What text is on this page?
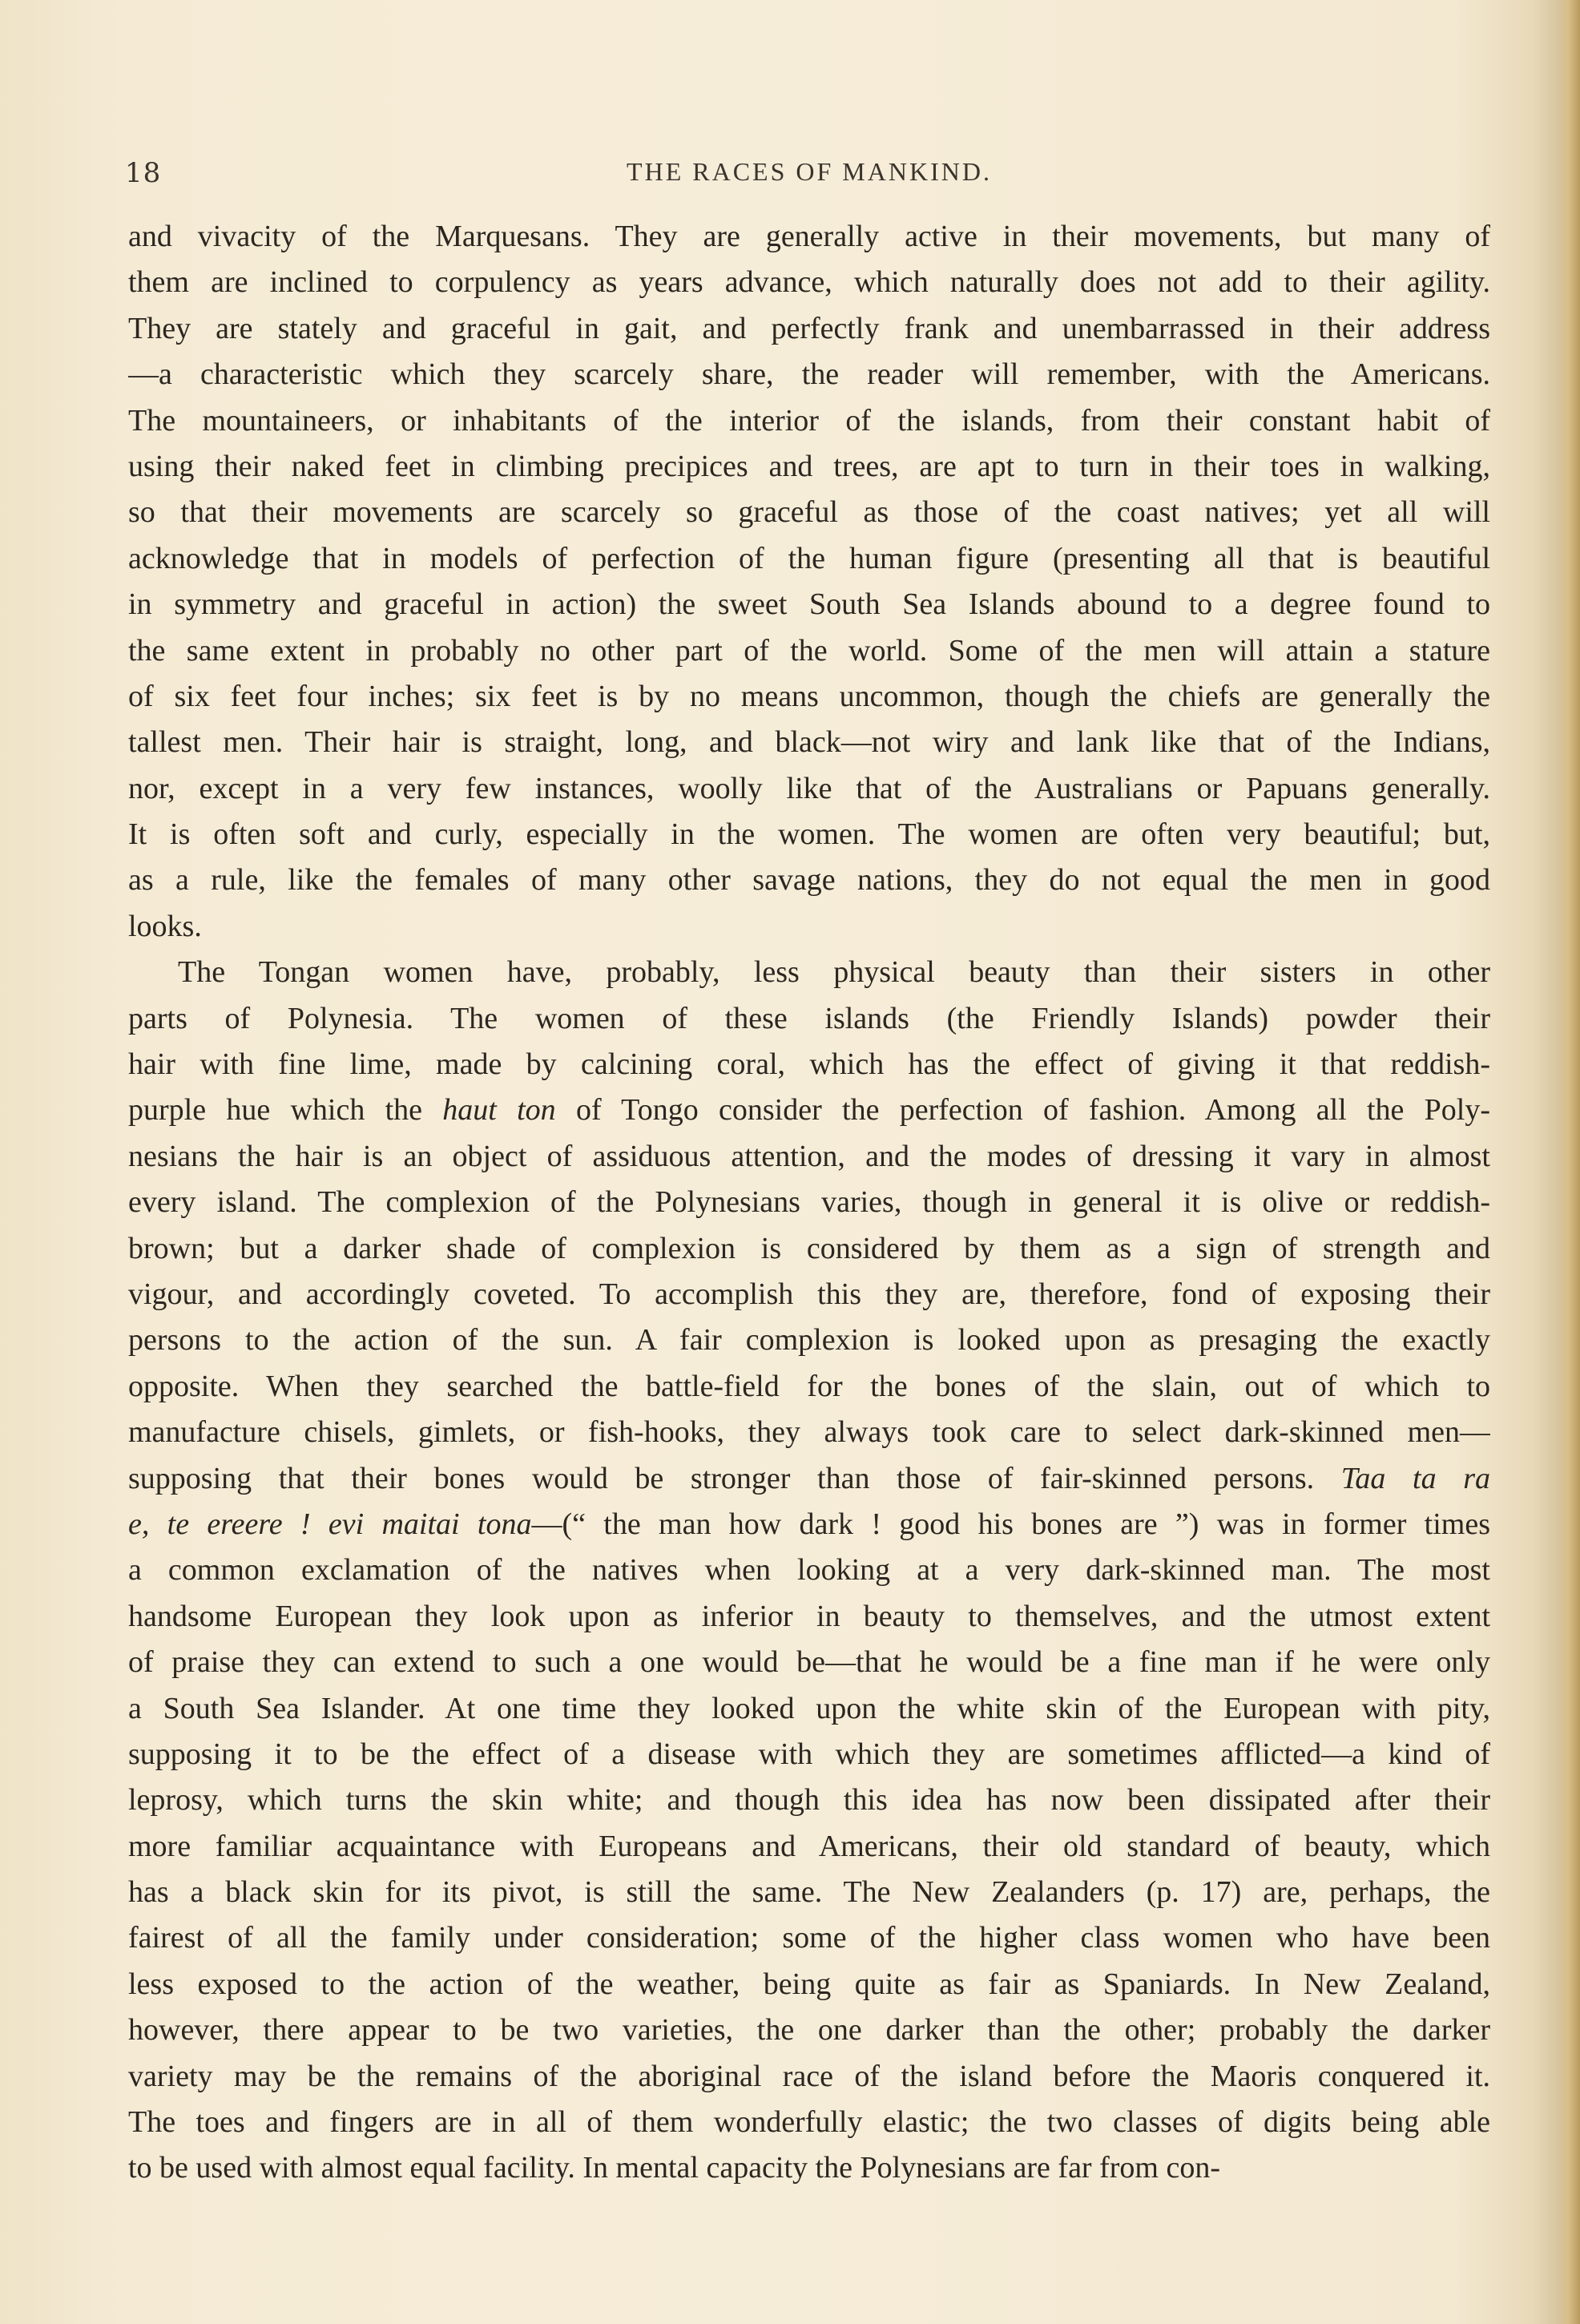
18	THE RACES OF MANKIND.
and vivacity of the Marquesans. They are generally active in their movements, but many of
them are inclined to corpulency as years advance, which naturally does not add to their agility.
They are stately and graceful in gait, and perfectly frank and unembarrassed in their address
—a characteristic which they scarcely share, the reader will remember, with the Americans.
The mountaineers, or inhabitants of the interior of the islands, from their constant habit of
using their naked feet in climbing precipices and trees, are apt to turn in their toes in walking,
so that their movements are scarcely so graceful as those of the coast natives; yet all will
acknowledge that in models of perfection of the human figure (presenting all that is beautiful
in symmetry and graceful in action) the sweet South Sea Islands abound to a degree found to
the same extent in probably no other part of the world. Some of the men will attain a stature
of six feet four inches; six feet is by no means uncommon, though the chiefs are generally the
tallest men. Their hair is straight, long, and black—not wiry and lank like that of the Indians,
nor, except in a very few instances, woolly like that of the Australians or Papuans generally.
It is often soft and curly, especially in the women. The women are often very beautiful; but,
as a rule, like the females of many other savage nations, they do not equal the men in good
looks.
The Tongan women have, probably, less physical beauty than their sisters in other
parts of Polynesia. The women of these islands (the Friendly Islands) powder their
hair with fine lime, made by calcining coral, which has the effect of giving it that reddish-
purple hue which the haut ton of Tongo consider the perfection of fashion. Among all the Poly-
nesians the hair is an object of assiduous attention, and the modes of dressing it vary in almost
every island. The complexion of the Polynesians varies, though in general it is olive or reddish-
brown; but a darker shade of complexion is considered by them as a sign of strength and
vigour, and accordingly coveted. To accomplish this they are, therefore, fond of exposing their
persons to the action of the sun. A fair complexion is looked upon as presaging the exactly
opposite. When they searched the battle-field for the bones of the slain, out of which to
manufacture chisels, gimlets, or fish-hooks, they always took care to select dark-skinned men—
supposing that their bones would be stronger than those of fair-skinned persons. Taa ta ra
e, te ereere ! evi maitai tona—(“ the man how dark ! good his bones are ”) was in former times
a common exclamation of the natives when looking at a very dark-skinned man. The most
handsome European they look upon as inferior in beauty to themselves, and the utmost extent
of praise they can extend to such a one would be—that he would be a fine man if he were only
a South Sea Islander. At one time they looked upon the white skin of the European with pity,
supposing it to be the effect of a disease with which they are sometimes afflicted—a kind of
leprosy, which turns the skin white; and though this idea has now been dissipated after their
more familiar acquaintance with Europeans and Americans, their old standard of beauty, which
has a black skin for its pivot, is still the same. The New Zealanders (p. 17) are, perhaps, the
fairest of all the family under consideration; some of the higher class women who have been
less exposed to the action of the weather, being quite as fair as Spaniards. In New Zealand,
however, there appear to be two varieties, the one darker than the other; probably the darker
variety may be the remains of the aboriginal race of the island before the Maoris conquered it.
The toes and fingers are in all of them wonderfully elastic; the two classes of digits being able
to be used with almost equal facility. In mental capacity the Polynesians are far from con-
